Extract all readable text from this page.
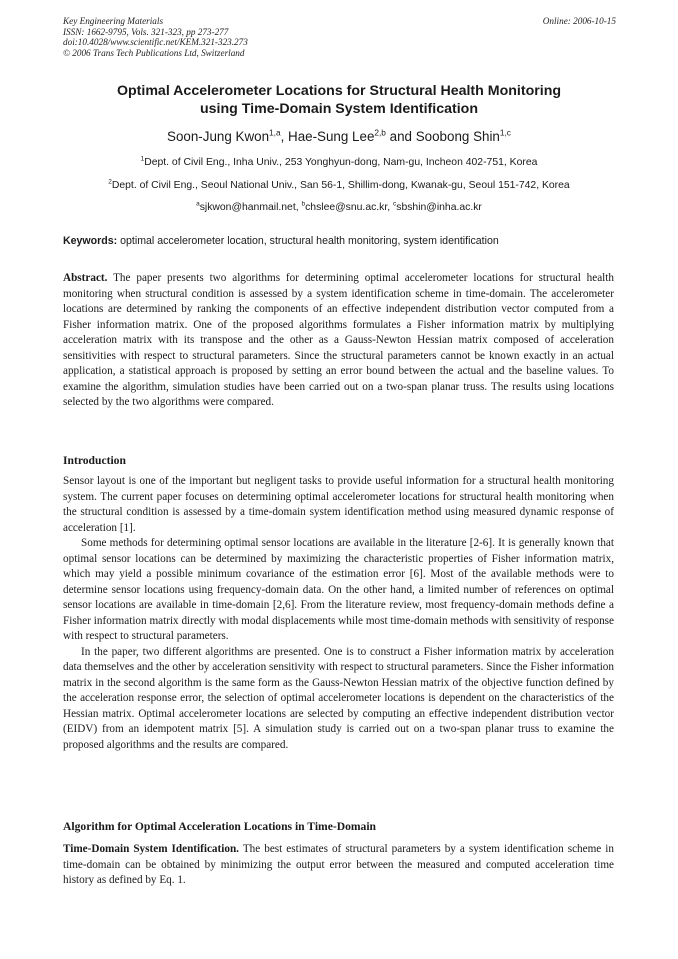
Key Engineering Materials
ISSN: 1662-9795, Vols. 321-323, pp 273-277
doi:10.4028/www.scientific.net/KEM.321-323.273
© 2006 Trans Tech Publications Ltd, Switzerland
Online: 2006-10-15
Optimal Accelerometer Locations for Structural Health Monitoring
using Time-Domain System Identification
Soon-Jung Kwon$^{1,a}$, Hae-Sung Lee$^{2,b}$ and Soobong Shin$^{1,c}$
$^1$Dept. of Civil Eng., Inha Univ., 253 Yonghyun-dong, Nam-gu, Incheon 402-751, Korea
$^2$Dept. of Civil Eng., Seoul National Univ., San 56-1, Shillim-dong, Kwanak-gu, Seoul 151-742, Korea
$^a$sjkwon@hanmail.net, $^b$chslee@snu.ac.kr, $^c$sbshin@inha.ac.kr
Keywords: optimal accelerometer location, structural health monitoring, system identification

Abstract. The paper presents two algorithms for determining optimal accelerometer locations for structural health monitoring when structural condition is assessed by a system identification scheme in time-domain. The accelerometer locations are determined by ranking the components of an effective independent distribution vector computed from a Fisher information matrix. One of the proposed algorithms formulates a Fisher information matrix by multiplying acceleration matrix with its transpose and the other as a Gauss-Newton Hessian matrix composed of acceleration sensitivities with respect to structural parameters. Since the structural parameters cannot be known exactly in an actual application, a statistical approach is proposed by setting an error bound between the actual and the baseline values. To examine the algorithm, simulation studies have been carried out on a two-span planar truss. The results using locations selected by the two algorithms were compared.

Introduction

Sensor layout is one of the important but negligent tasks to provide useful information for a structural health monitoring system. The current paper focuses on determining optimal accelerometer locations for structural health monitoring when the structural condition is assessed by a time-domain system identification method using measured dynamic response of acceleration [1].

Some methods for determining optimal sensor locations are available in the literature [2-6]. It is generally known that optimal sensor locations can be determined by maximizing the characteristic properties of Fisher information matrix, which may yield a possible minimum covariance of the estimation error [6]. Most of the available methods were to determine sensor locations using frequency-domain data. On the other hand, a limited number of references on optimal sensor locations are available in time-domain [2,6]. From the literature review, most frequency-domain methods define a Fisher information matrix directly with modal displacements while most time-domain methods with sensitivity of response with respect to structural parameters.

In the paper, two different algorithms are presented. One is to construct a Fisher information matrix by acceleration data themselves and the other by acceleration sensitivity with respect to structural parameters. Since the Fisher information matrix in the second algorithm is the same form as the Gauss-Newton Hessian matrix of the objective function defined by the acceleration response error, the selection of optimal accelerometer locations is dependent on the characteristics of the Hessian matrix. Optimal accelerometer locations are selected by computing an effective independent distribution vector (EIDV) from an idempotent matrix [5]. A simulation study is carried out on a two-span planar truss to examine the proposed algorithms and the results are compared.

Algorithm for Optimal Acceleration Locations in Time-Domain

Time-Domain System Identification. The best estimates of structural parameters by a system identification scheme in time-domain can be obtained by minimizing the output error between the measured and computed acceleration time history as defined by Eq. 1.
